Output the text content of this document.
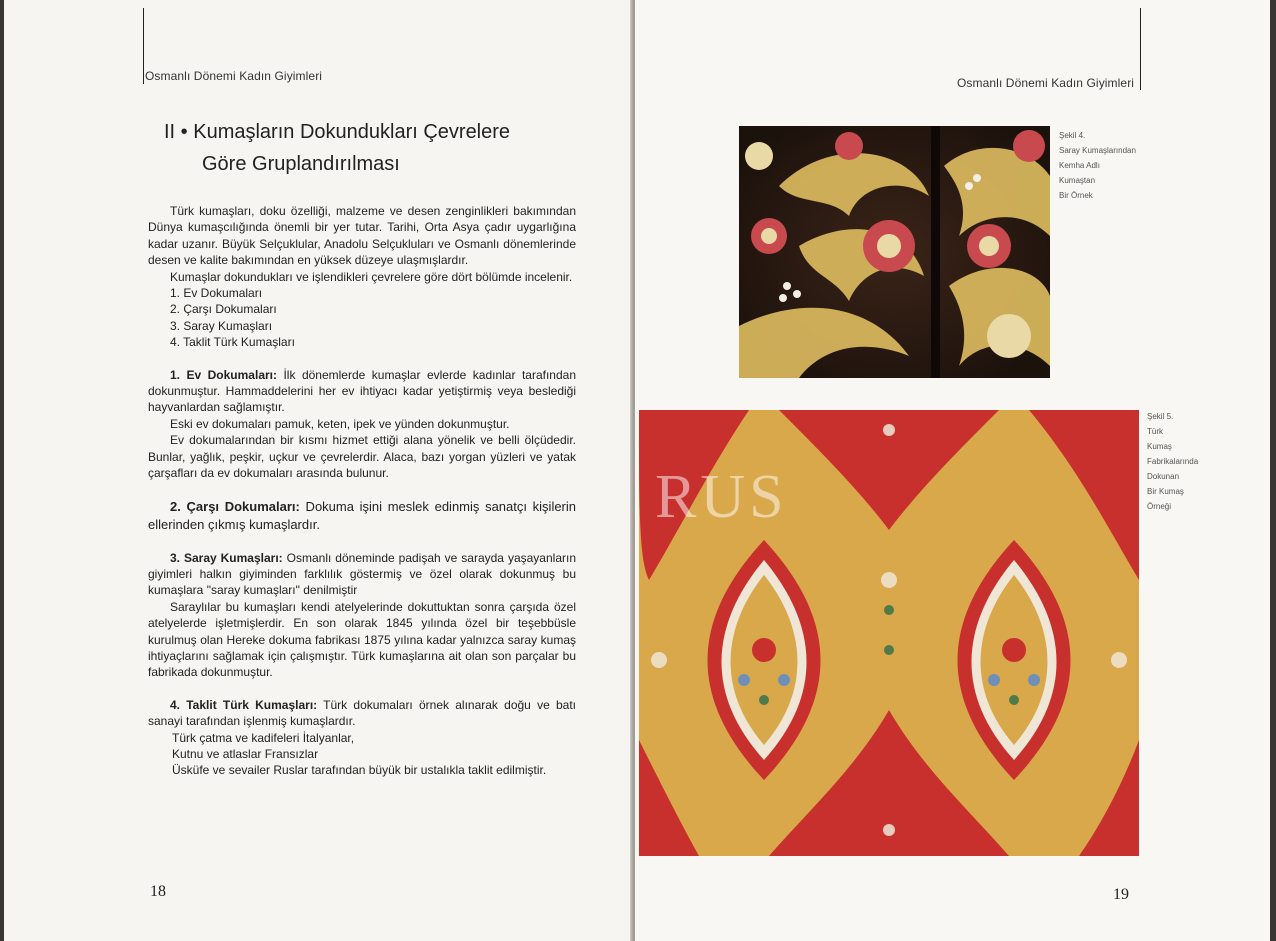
Osmanlı Dönemi Kadın Giyimleri
II • Kumaşların Dokundukları Çevrelere
Göre Gruplandırılması

Türk kumaşları, doku özelliği, malzeme ve desen zenginlikleri bakımından Dünya kumaşcılığında önemli bir yer tutar. Tarihi, Orta Asya çadır uygarlığına kadar uzanır. Büyük Selçuklular, Anadolu Selçukluları ve Osmanlı dönemlerinde desen ve kalite bakımından en yüksek düzeye ulaşmışlardır.

Kumaşlar dokundukları ve işlendikleri çevrelere göre dört bölümde incelenir.

1. Ev Dokumaları
2. Çarşı Dokumaları
3. Saray Kumaşları
4. Taklit Türk Kumaşları

1. Ev Dokumaları: İlk dönemlerde kumaşlar evlerde kadınlar tarafından dokunmuştur. Hammaddelerini her ev ihtiyacı kadar yetiştirmiş veya beslediği hayvanlardan sağlamıştır.

Eski ev dokumaları pamuk, keten, ipek ve yünden dokunmuştur.

Ev dokumalarından bir kısmı hizmet ettiği alana yönelik ve belli ölçüdedir. Bunlar, yağlık, peşkir, uçkur ve çevrelerdir. Alaca, bazı yorgan yüzleri ve yatak çarşafları da ev dokumaları arasında bulunur.

2. Çarşı Dokumaları: Dokuma işini meslek edinmiş sanatçı kişilerin ellerinden çıkmış kumaşlardır.

3. Saray Kumaşları: Osmanlı döneminde padişah ve sarayda yaşayanların giyimleri halkın giyiminden farklılık göstermiş ve özel olarak dokunmuş bu kumaşlara "saray kumaşları" denilmiştir

Saraylılar bu kumaşları kendi atelyelerinde dokuttuktan sonra çarşıda özel atelyelerde işletmişlerdir. En son olarak 1845 yılında özel bir teşebbüsle kurulmuş olan Hereke dokuma fabrikası 1875 yılına kadar yalnızca saray kumaş ihtiyaçlarını sağlamak için çalışmıştır. Türk kumaşlarına ait olan son parçalar bu fabrikada dokunmuştur.

4. Taklit Türk Kumaşları: Türk dokumaları örnek alınarak doğu ve batı sanayi tarafından işlenmiş kumaşlardır.

Türk çatma ve kadifeleri İtalyanlar,

Kutnu ve atlaslar Fransızlar

Üsküfe ve sevailer Ruslar tarafından büyük bir ustalıkla taklit edilmiştir.

18
Osmanlı Dönemi Kadın Giyimleri
Şekil 4.
Saray Kumaşlarından
Kemha Adlı
Kumaştan
Bir Örnek
RUS
Şekil 5.
Türk
Kumaş
Fabrikalarında
Dokunan
Bir Kumaş
Örneği
19
